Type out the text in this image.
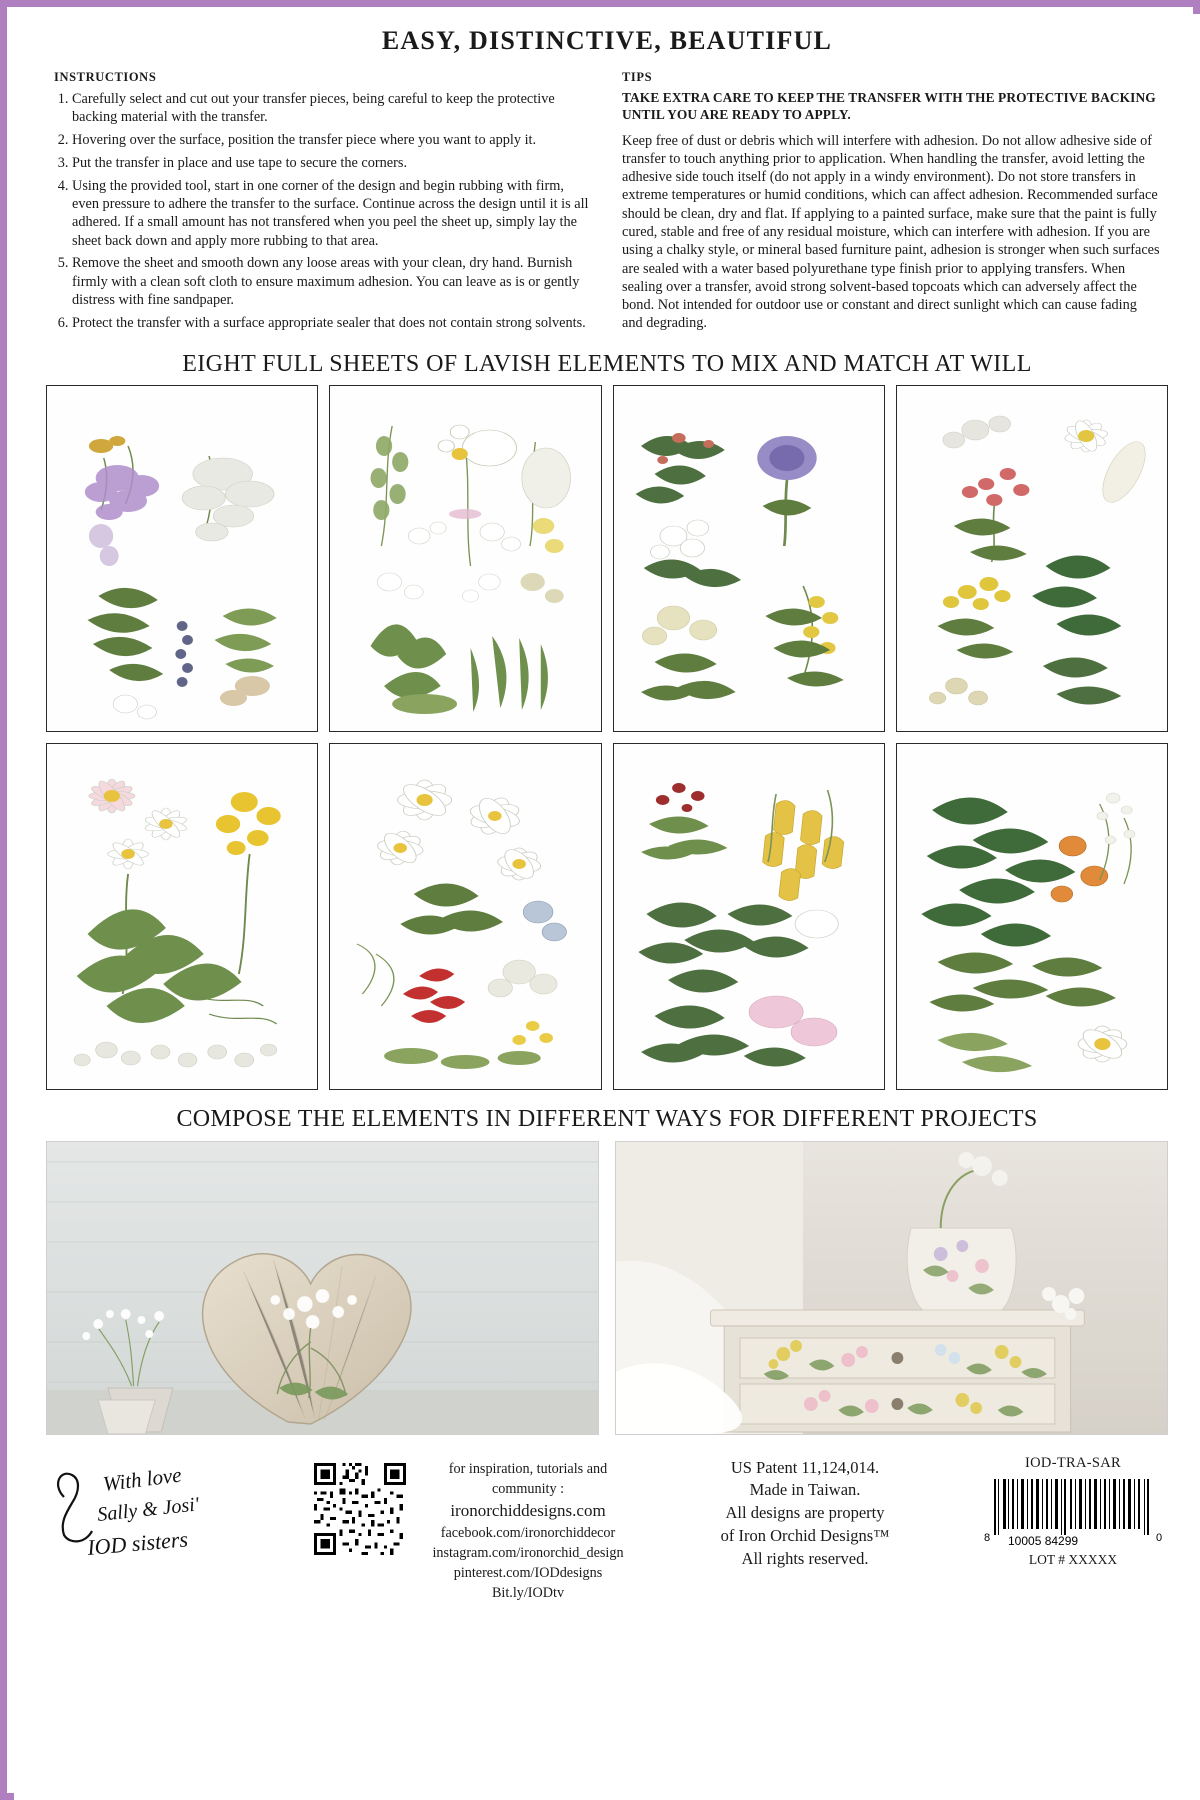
EASY, DISTINCTIVE, BEAUTIFUL
INSTRUCTIONS
1. Carefully select and cut out your transfer pieces, being careful to keep the protective backing material with the transfer.
2. Hovering over the surface, position the transfer piece where you want to apply it.
3. Put the transfer in place and use tape to secure the corners.
4. Using the provided tool, start in one corner of the design and begin rubbing with firm, even pressure to adhere the transfer to the surface. Continue across the design until it is all adhered. If a small amount has not transfered when you peel the sheet up, simply lay the sheet back down and apply more rubbing to that area.
5. Remove the sheet and smooth down any loose areas with your clean, dry hand. Burnish firmly with a clean soft cloth to ensure maximum adhesion. You can leave as is or gently distress with fine sandpaper.
6. Protect the transfer with a surface appropriate sealer that does not contain strong solvents.
TIPS

TAKE EXTRA CARE TO KEEP THE TRANSFER WITH THE PROTECTIVE BACKING UNTIL YOU ARE READY TO APPLY.

Keep free of dust or debris which will interfere with adhesion. Do not allow adhesive side of transfer to touch anything prior to application. When handling the transfer, avoid letting the adhesive side touch itself (do not apply in a windy environment). Do not store transfers in extreme temperatures or humid conditions, which can affect adhesion. Recommended surface should be clean, dry and flat. If applying to a painted surface, make sure that the paint is fully cured, stable and free of any residual moisture, which can interfere with adhesion. If you are using a chalky style, or mineral based furniture paint, adhesion is stronger when such surfaces are sealed with a water based polyurethane type finish prior to applying transfers. When sealing over a transfer, avoid strong solvent-based topcoats which can adversely affect the bond. Not intended for outdoor use or constant and direct sunlight which can cause fading and degrading.

EIGHT FULL SHEETS OF LAVISH ELEMENTS TO MIX AND MATCH AT WILL
COMPOSE THE ELEMENTS IN DIFFERENT WAYS FOR DIFFERENT PROJECTS
With love
Sally & Josi'
IOD sisters
for inspiration, tutorials and community :
ironorchiddesigns.com
facebook.com/ironorchiddecor
instagram.com/ironorchid_design
pinterest.com/IODdesigns
Bit.ly/IODtv
US Patent 11,124,014.
Made in Taiwan.
All designs are property
of Iron Orchid Designs™
All rights reserved.
IOD-TRA-SAR
8 10005 84299	0
LOT # XXXXX
